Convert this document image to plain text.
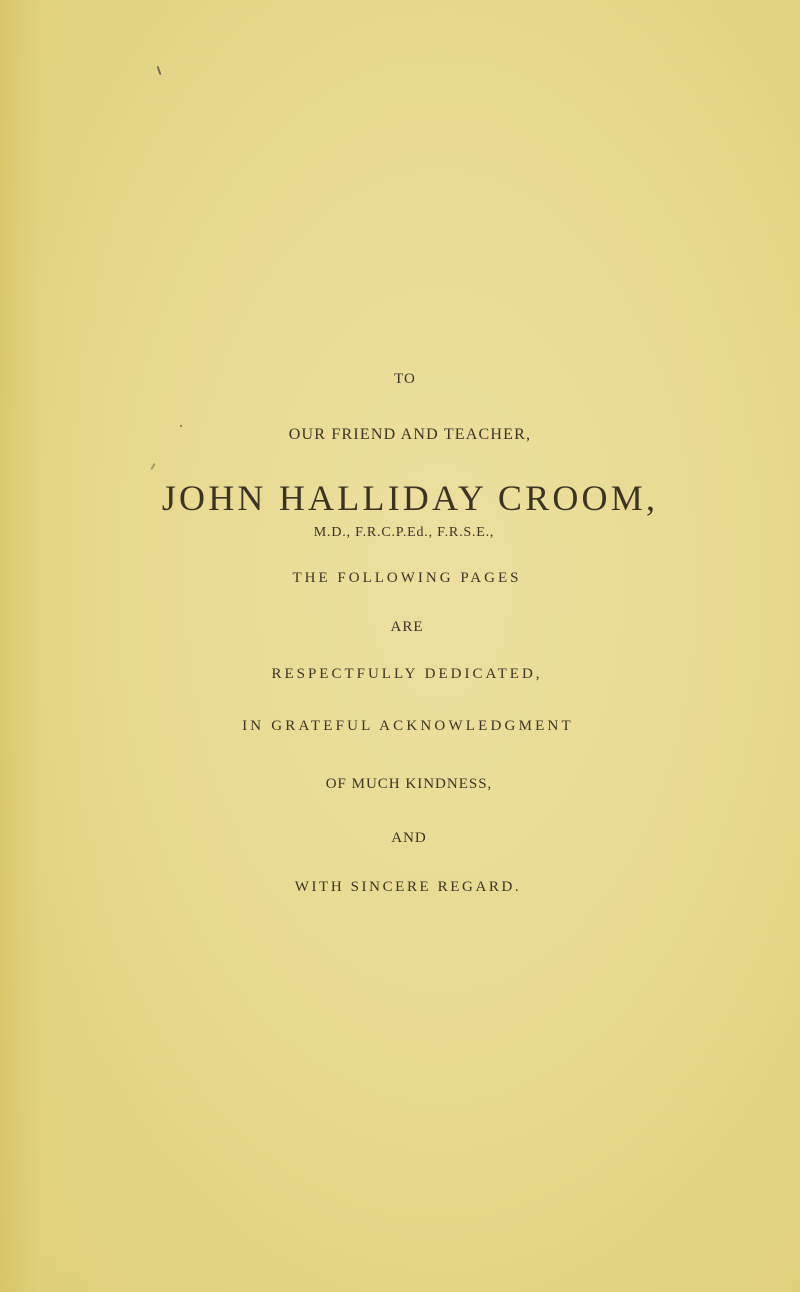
TO
OUR FRIEND AND TEACHER,
JOHN HALLIDAY CROOM,
M.D., F.R.C.P.Ed., F.R.S.E.,
THE FOLLOWING PAGES
ARE
RESPECTFULLY DEDICATED,
IN GRATEFUL ACKNOWLEDGMENT
OF MUCH KINDNESS,
AND
WITH SINCERE REGARD.
